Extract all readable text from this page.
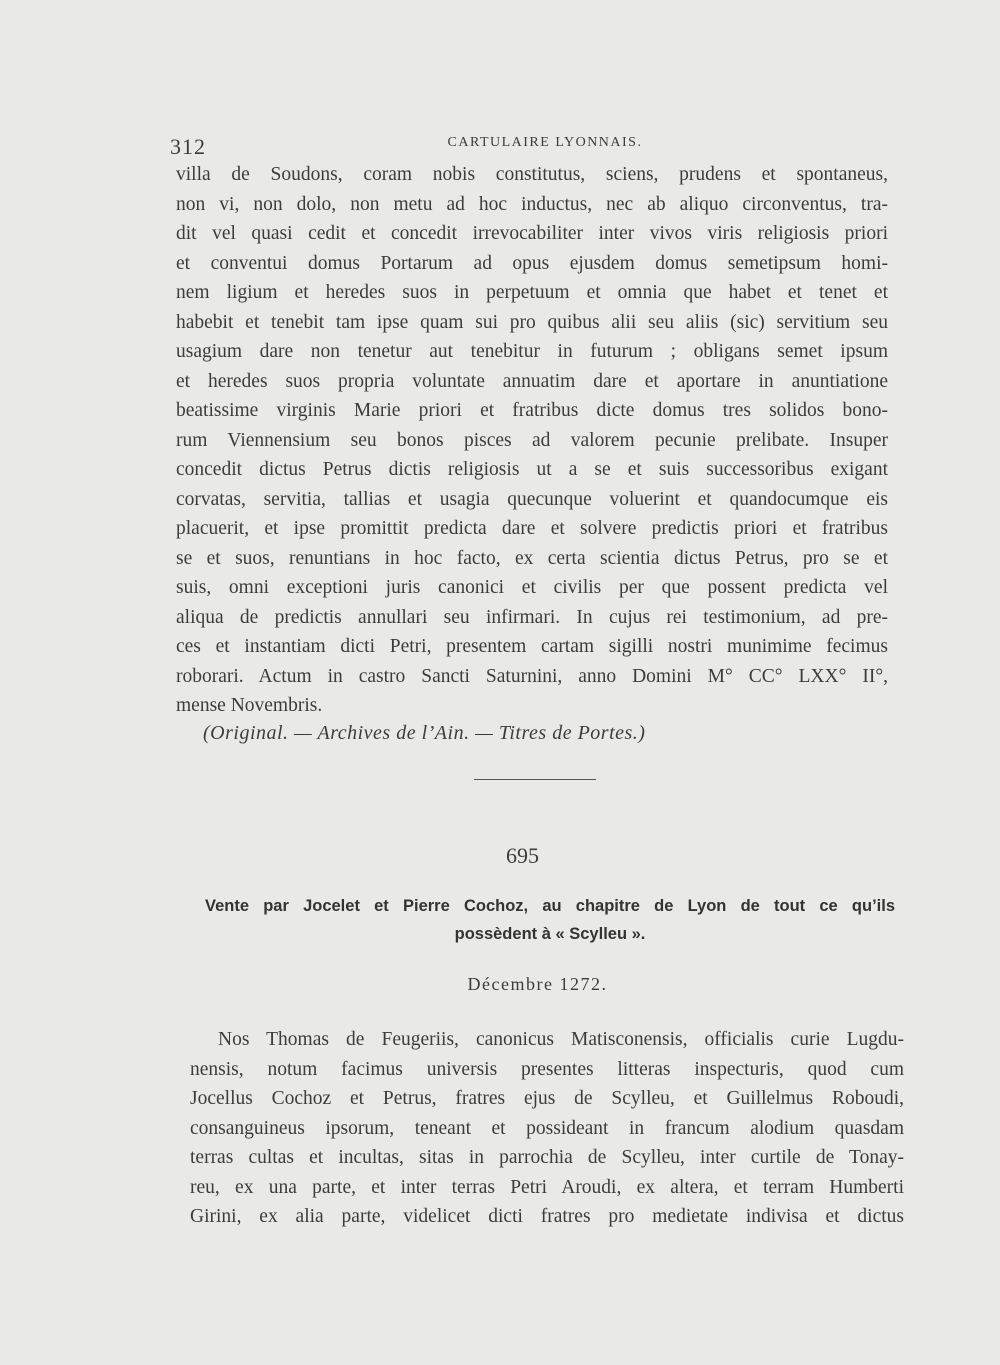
312	CARTULAIRE LYONNAIS.
villa de Soudons, coram nobis constitutus, sciens, prudens et spontaneus,
non vi, non dolo, non metu ad hoc inductus, nec ab aliquo circonventus, tra-
dit vel quasi cedit et concedit irrevocabiliter inter vivos viris religiosis priori
et conventui domus Portarum ad opus ejusdem domus semetipsum homi-
nem ligium et heredes suos in perpetuum et omnia que habet et tenet et
habebit et tenebit tam ipse quam sui pro quibus alii seu aliis (sic) servitium seu
usagium dare non tenetur aut tenebitur in futurum ; obligans semet ipsum
et heredes suos propria voluntate annuatim dare et aportare in anuntiatione
beatissime virginis Marie priori et fratribus dicte domus tres solidos bono-
rum Viennensium seu bonos pisces ad valorem pecunie prelibate. Insuper
concedit dictus Petrus dictis religiosis ut a se et suis successoribus exigant
corvatas, servitia, tallias et usagia quecunque voluerint et quandocumque eis
placuerit, et ipse promittit predicta dare et solvere predictis priori et fratribus
se et suos, renuntians in hoc facto, ex certa scientia dictus Petrus, pro se et
suis, omni exceptioni juris canonici et civilis per que possent predicta vel
aliqua de predictis annullari seu infirmari. In cujus rei testimonium, ad pre-
ces et instantiam dicti Petri, presentem cartam sigilli nostri munimime fecimus
roborari. Actum in castro Sancti Saturnini, anno Domini M° CC° LXX° II°,
mense Novembris.
(Original. — Archives de l’Ain. — Titres de Portes.)
695
Vente par Jocelet et Pierre Cochoz, au chapitre de Lyon de tout ce qu’ils
possèdent à « Scylleu ».
Décembre 1272.
Nos Thomas de Feugeriis, canonicus Matisconensis, officialis curie Lugdu-
nensis, notum facimus universis presentes litteras inspecturis, quod cum
Jocellus Cochoz et Petrus, fratres ejus de Scylleu, et Guillelmus Roboudi,
consanguineus ipsorum, teneant et possideant in francum alodium quasdam
terras cultas et incultas, sitas in parrochia de Scylleu, inter curtile de Tonay-
reu, ex una parte, et inter terras Petri Aroudi, ex altera, et terram Humberti
Girini, ex alia parte, videlicet dicti fratres pro medietate indivisa et dictus
